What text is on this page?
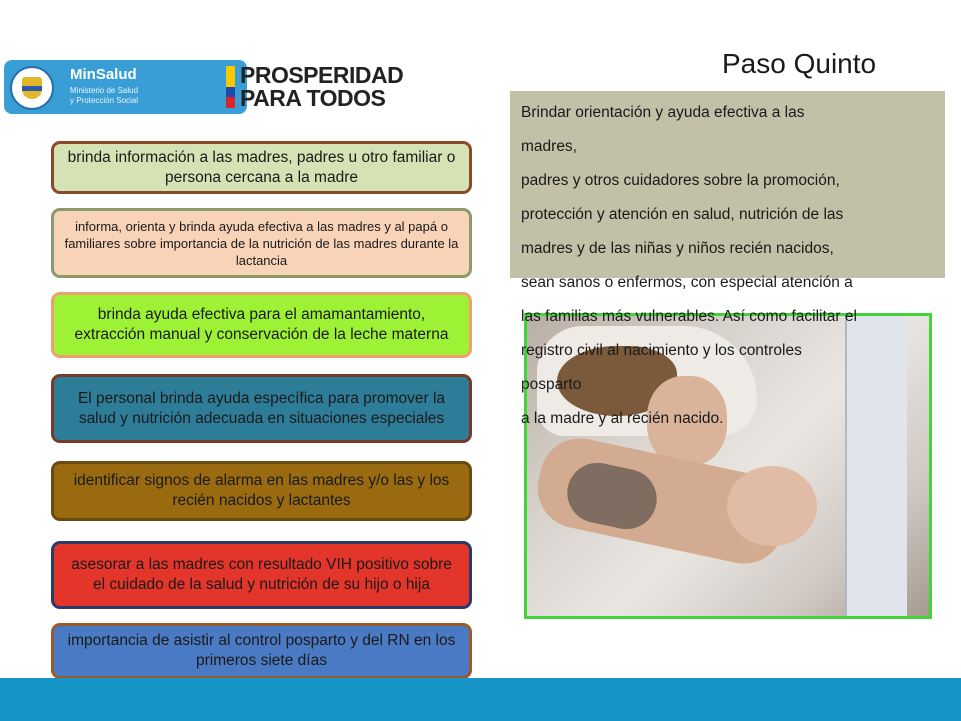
MinSalud
Ministerio de Salud
y Protección Social
PROSPERIDAD
PARA TODOS
Paso Quinto
brinda información a las madres, padres u otro familiar o persona cercana a la madre
informa, orienta y brinda ayuda efectiva a las madres y al papá o familiares sobre importancia de la nutrición de las madres durante la lactancia
brinda ayuda efectiva para el amamantamiento, extracción manual y conservación de la leche materna
El personal brinda ayuda específica para promover la salud y nutrición adecuada en situaciones especiales
identificar signos de alarma en las madres y/o las y los recién nacidos y lactantes
asesorar a las madres con resultado VIH positivo sobre el cuidado de la salud y nutrición de su hijo o hija
importancia de asistir al control posparto y del RN en los primeros siete días
Brindar orientación y ayuda efectiva a las
madres,
padres y otros cuidadores sobre la promoción,
protección y atención en salud, nutrición de las
madres y de las niñas y niños recién nacidos,
sean sanos o enfermos, con especial atención a
las familias más vulnerables. Así como facilitar el
registro civil al nacimiento y los controles
posparto
a la madre y al recién nacido.
